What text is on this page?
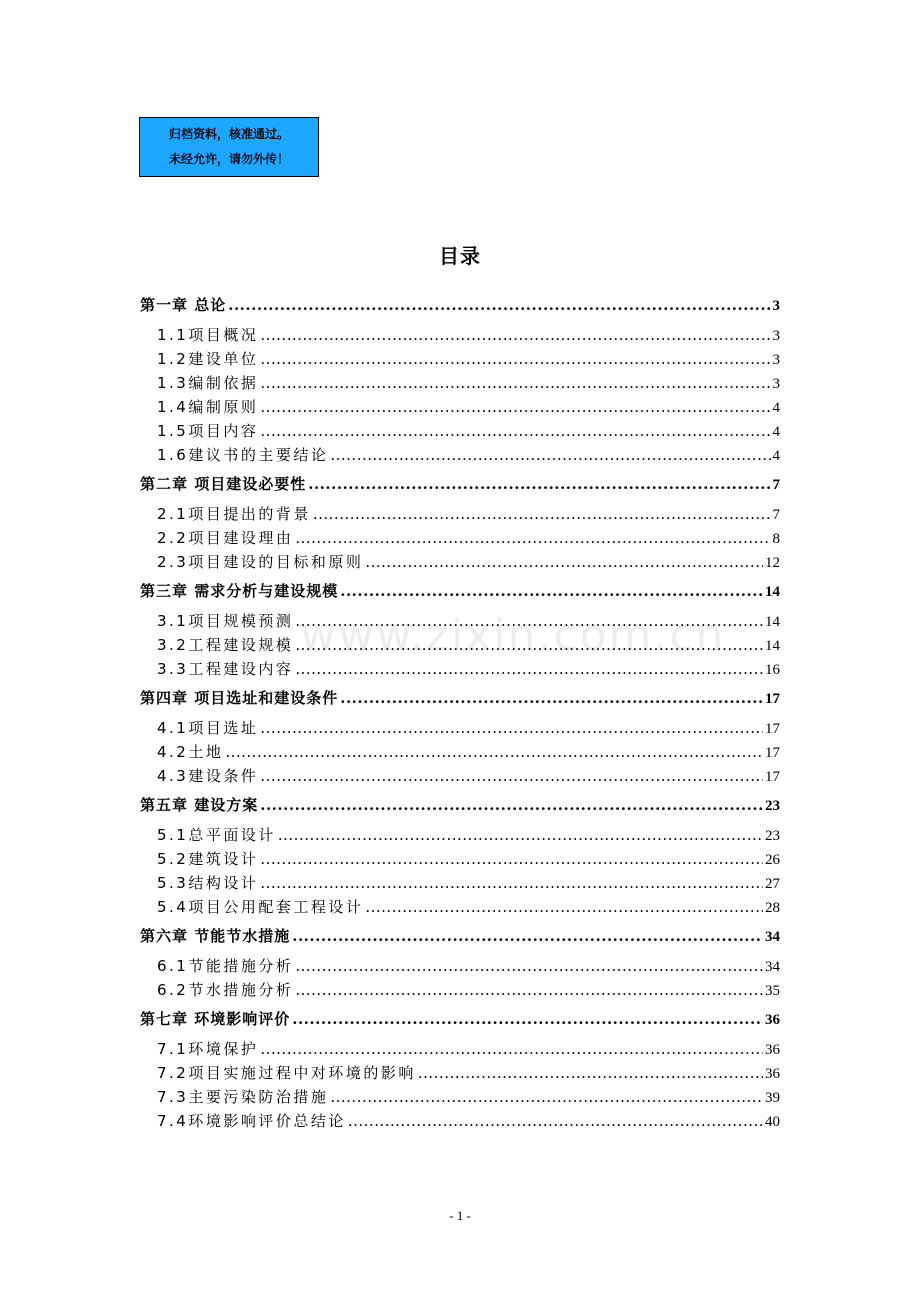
归档资料，核准通过。
未经允许，请勿外传！
目录
www.zixin.com.cn
第一章 总论 .....	3
1.1项目概况 .....	3
1.2建设单位 .....	3
1.3编制依据 .....	3
1.4编制原则 .....	4
1.5项目内容 .....	4
1.6建议书的主要结论 .....	4
第二章 项目建设必要性 .....	7
2.1项目提出的背景 .....	7
2.2项目建设理由 .....	8
2.3项目建设的目标和原则 .....	12
第三章 需求分析与建设规模 .....	14
3.1项目规模预测 .....	14
3.2工程建设规模 .....	14
3.3工程建设内容 .....	16
第四章 项目选址和建设条件 .....	17
4.1项目选址 .....	17
4.2土地 .....	17
4.3建设条件 .....	17
第五章 建设方案 .....	23
5.1总平面设计 .....	23
5.2建筑设计 .....	26
5.3结构设计 .....	27
5.4项目公用配套工程设计 .....	28
第六章 节能节水措施 .....	34
6.1节能措施分析 .....	34
6.2节水措施分析 .....	35
第七章 环境影响评价 .....	36
7.1环境保护 .....	36
7.2项目实施过程中对环境的影响 .....	36
7.3主要污染防治措施 .....	39
7.4环境影响评价总结论 .....	40
- 1 -
